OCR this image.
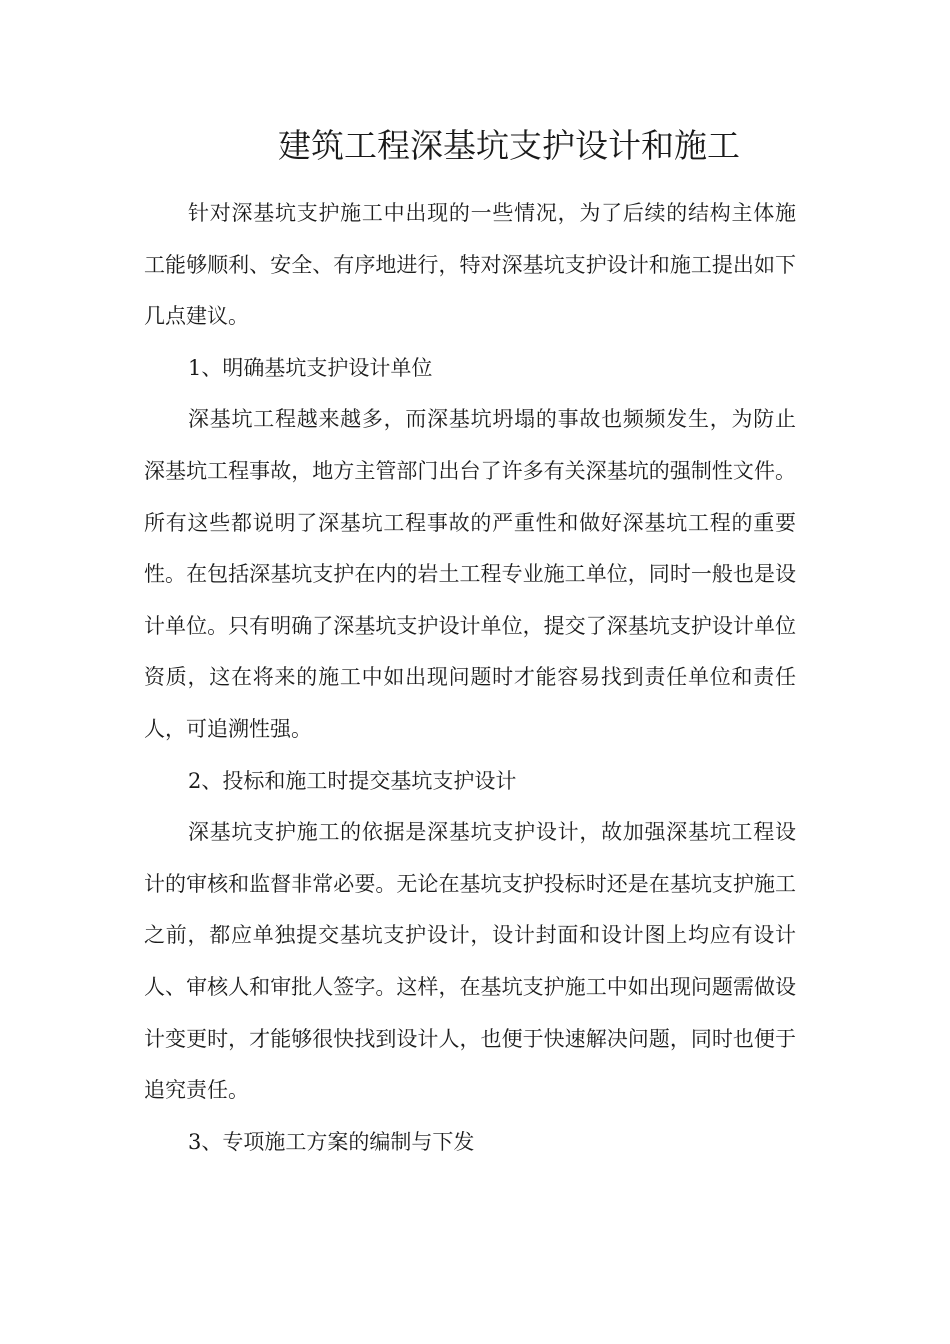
建筑工程深基坑支护设计和施工

针对深基坑支护施工中出现的一些情况，为了后续的结构主体施工能够顺利、安全、有序地进行，特对深基坑支护设计和施工提出如下几点建议。

1、明确基坑支护设计单位

深基坑工程越来越多，而深基坑坍塌的事故也频频发生，为防止深基坑工程事故，地方主管部门出台了许多有关深基坑的强制性文件。所有这些都说明了深基坑工程事故的严重性和做好深基坑工程的重要性。在包括深基坑支护在内的岩土工程专业施工单位，同时一般也是设计单位。只有明确了深基坑支护设计单位，提交了深基坑支护设计单位资质，这在将来的施工中如出现问题时才能容易找到责任单位和责任人，可追溯性强。

2、投标和施工时提交基坑支护设计

深基坑支护施工的依据是深基坑支护设计，故加强深基坑工程设计的审核和监督非常必要。无论在基坑支护投标时还是在基坑支护施工之前，都应单独提交基坑支护设计，设计封面和设计图上均应有设计人、审核人和审批人签字。这样，在基坑支护施工中如出现问题需做设计变更时，才能够很快找到设计人，也便于快速解决问题，同时也便于追究责任。

3、专项施工方案的编制与下发
